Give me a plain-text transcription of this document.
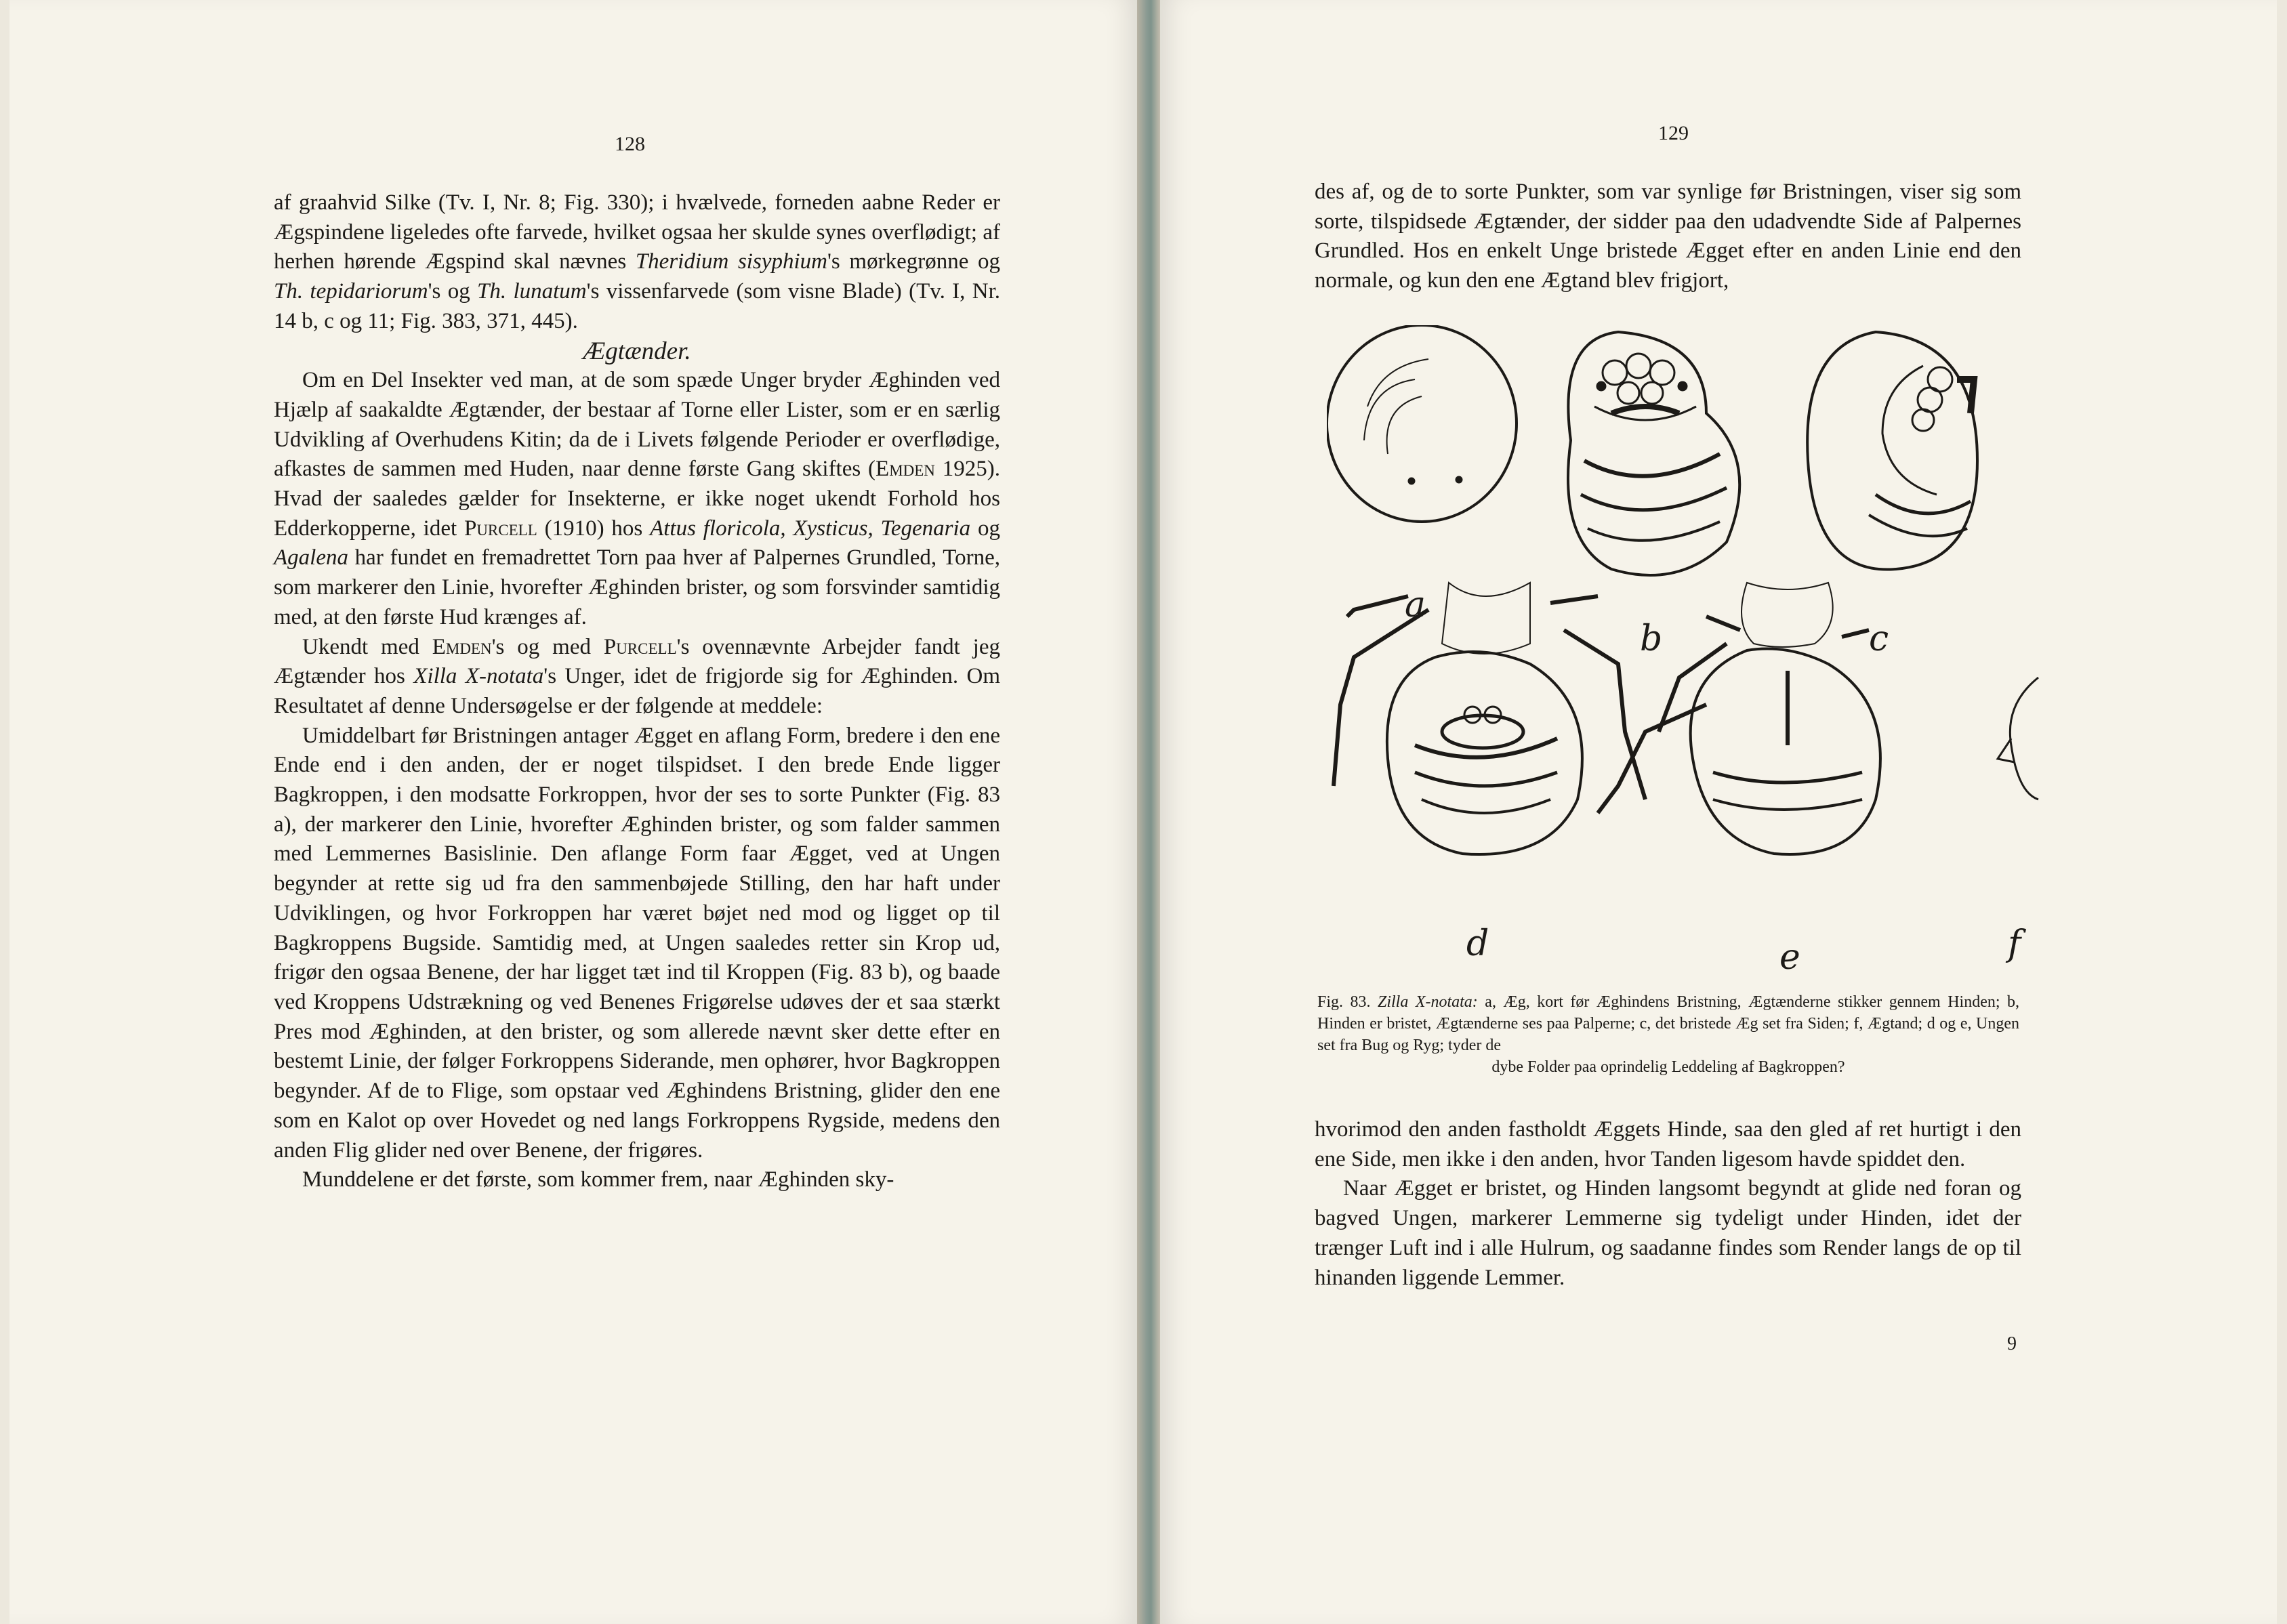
128

af graahvid Silke (Tv. I, Nr. 8; Fig. 330); i hvælvede, forneden aabne Reder er Ægspindene ligeledes ofte farvede, hvilket ogsaa her skulde synes overflødigt; af herhen hørende Ægspind skal nævnes Theridium sisyphium's mørkegrønne og Th. tepidariorum's og Th. lunatum's vissenfarvede (som visne Blade) (Tv. I, Nr. 14 b, c og 11; Fig. 383, 371, 445).

Ægtænder.

Om en Del Insekter ved man, at de som spæde Unger bryder Æghinden ved Hjælp af saakaldte Ægtænder, der bestaar af Torne eller Lister, som er en særlig Udvikling af Overhudens Kitin; da de i Livets følgende Perioder er overflødige, afkastes de sammen med Huden, naar denne første Gang skiftes (Emden 1925). Hvad der saaledes gælder for Insekterne, er ikke noget ukendt Forhold hos Edderkopperne, idet Purcell (1910) hos Attus floricola, Xysticus, Tegenaria og Agalena har fundet en fremadrettet Torn paa hver af Palpernes Grundled, Torne, som markerer den Linie, hvorefter Æghinden brister, og som forsvinder samtidig med, at den første Hud krænges af.

Ukendt med Emden's og med Purcell's ovennævnte Arbejder fandt jeg Ægtænder hos Xilla X-notata's Unger, idet de frigjorde sig for Æghinden. Om Resultatet af denne Undersøgelse er der følgende at meddele:

Umiddelbart før Bristningen antager Ægget en aflang Form, bredere i den ene Ende end i den anden, der er noget tilspidset. I den brede Ende ligger Bagkroppen, i den modsatte Forkroppen, hvor der ses to sorte Punkter (Fig. 83 a), der markerer den Linie, hvorefter Æghinden brister, og som falder sammen med Lemmernes Basislinie. Den aflange Form faar Ægget, ved at Ungen begynder at rette sig ud fra den sammenbøjede Stilling, den har haft under Udviklingen, og hvor Forkroppen har været bøjet ned mod og ligget op til Bagkroppens Bugside. Samtidig med, at Ungen saaledes retter sin Krop ud, frigør den ogsaa Benene, der har ligget tæt ind til Kroppen (Fig. 83 b), og baade ved Kroppens Udstrækning og ved Benenes Frigørelse udøves der et saa stærkt Pres mod Æghinden, at den brister, og som allerede nævnt sker dette efter en bestemt Linie, der følger Forkroppens Siderande, men ophører, hvor Bagkroppen begynder. Af de to Flige, som opstaar ved Æghindens Bristning, glider den ene som en Kalot op over Hovedet og ned langs Forkroppens Rygside, medens den anden Flig glider ned over Benene, der frigøres.

Munddelene er det første, som kommer frem, naar Æghinden sky-

129

des af, og de to sorte Punkter, som var synlige før Bristningen, viser sig som sorte, tilspidsede Ægtænder, der sidder paa den udadvendte Side af Palpernes Grundled. Hos en enkelt Unge bristede Ægget efter en anden Linie end den normale, og kun den ene Ægtand blev frigjort,

a
b	c
d	e	f

Fig. 83. Zilla X-notata: a, Æg, kort før Æghindens Bristning, Ægtænderne stikker gennem Hinden; b, Hinden er bristet, Ægtænderne ses paa Palperne; c, det bristede Æg set fra Siden; f, Ægtand; d og e, Ungen set fra Bug og Ryg; tyder de

dybe Folder paa oprindelig Leddeling af Bagkroppen?

hvorimod den anden fastholdt Æggets Hinde, saa den gled af ret hurtigt i den ene Side, men ikke i den anden, hvor Tanden ligesom havde spiddet den.

Naar Ægget er bristet, og Hinden langsomt begyndt at glide ned foran og bagved Ungen, markerer Lemmerne sig tydeligt under Hinden, idet der trænger Luft ind i alle Hulrum, og saadanne findes som Render langs de op til hinanden liggende Lemmer.

9
